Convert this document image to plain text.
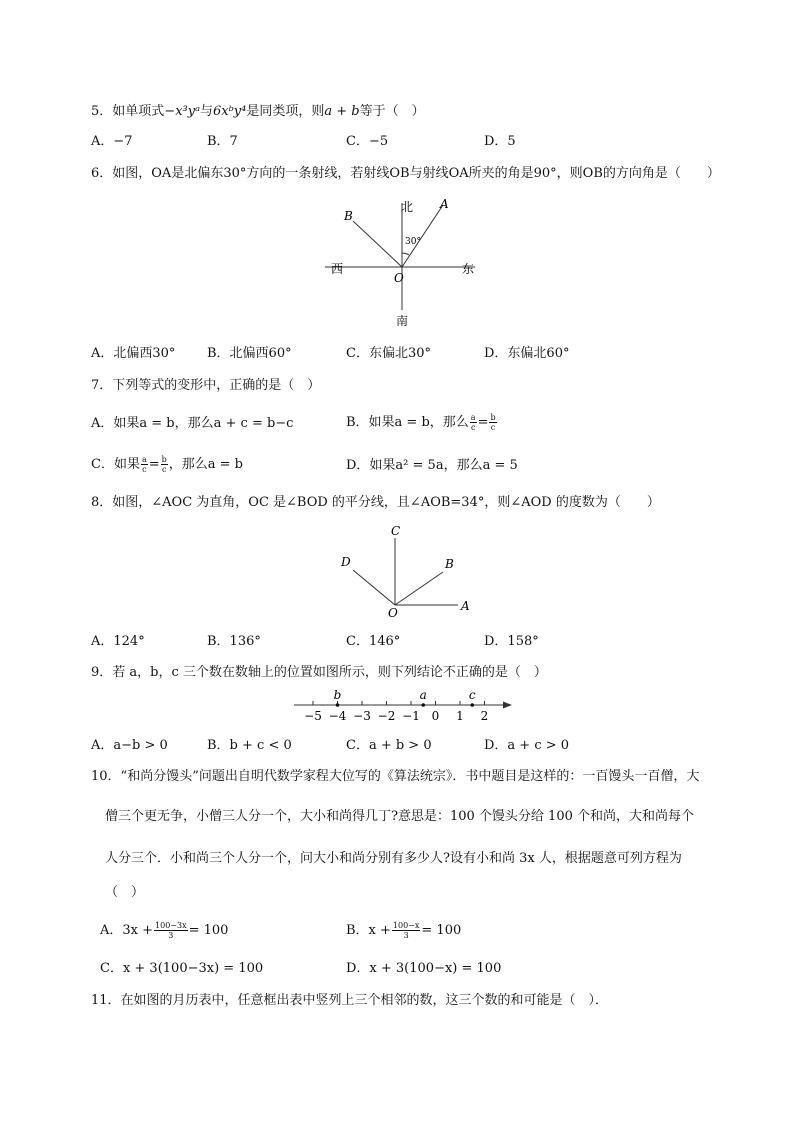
5．如单项式−x³yᵃ与6xᵇy⁴是同类项，则a + b等于（　）
A．−7	B．7	C．−5	D．5
6．如图，OA是北偏东30°方向的一条射线，若射线OB与射线OA所夹的角是90°，则OB的方向角是（　　）
北
南
东
西
30°
O
A
B
A．北偏西30° B．北偏西60°	C．东偏北30°	D．东偏北60°
7．下列等式的变形中，正确的是（　）
A．如果a = b，那么a + c = b−c	B．如果a = b，那么 $\frac{a}{c} = \frac{b}{c}$
C．如果 $\frac{a}{c} = \frac{b}{c}$ ，那么a = b	D．如果a² = 5a，那么a = 5
8．如图，∠AOC 为直角，OC 是∠BOD 的平分线，且∠AOB=34°，则∠AOD 的度数为（　　）
O	A
B
C
D
A．124°	B．136°	C．146°	D．158°
9．若 a，b，c 三个数在数轴上的位置如图所示，则下列结论不正确的是（　）
−5 −4 −3 −2 −1 0 1 2
b	a	c
A．a−b > 0	B．b + c < 0	C．a + b > 0	D．a + c > 0
10．“和尚分馒头”问题出自明代数学家程大位写的《算法统宗》．书中题目是这样的：一百馒头一百僧，大
僧三个更无争，小僧三人分一个，大小和尚得几丁?意思是：100 个馒头分给 100 个和尚，大和尚每个
人分三个．小和尚三个人分一个，问大小和尚分别有多少人?设有小和尚 3x 人，根据题意可列方程为
（　）
A．$3x + \frac{100-3x}{3} = 100$	B．$x + \frac{100-x}{3} = 100$
C．x + 3(100−3x) = 100	D．x + 3(100−x) = 100
11．在如图的月历表中，任意框出表中竖列上三个相邻的数，这三个数的和可能是（　）．
